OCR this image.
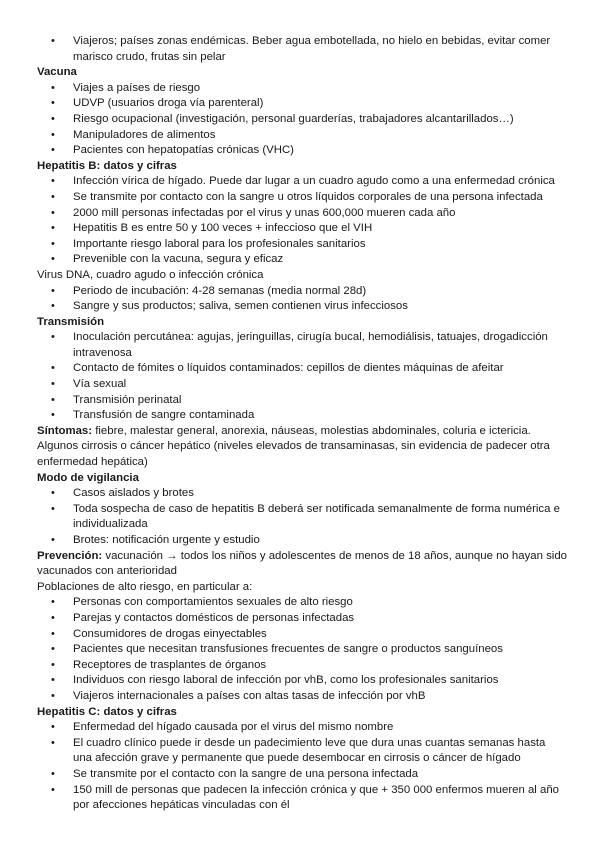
• Viajeros; países zonas endémicas. Beber agua embotellada, no hielo en bebidas, evitar comer marisco crudo, frutas sin pelar
Vacuna
• Viajes a países de riesgo
• UDVP (usuarios droga vía parenteral)
• Riesgo ocupacional (investigación, personal guarderías, trabajadores alcantarillados…)
• Manipuladores de alimentos
• Pacientes con hepatopatías crónicas (VHC)
Hepatitis B: datos y cifras
• Infección vírica de hígado. Puede dar lugar a un cuadro agudo como a una enfermedad crónica
• Se transmite por contacto con la sangre u otros líquidos corporales de una persona infectada
• 2000 mill personas infectadas por el virus y unas 600,000 mueren cada año
• Hepatitis B es entre 50 y 100 veces + infeccioso que el VIH
• Importante riesgo laboral para los profesionales sanitarios
• Prevenible con la vacuna, segura y eficaz
Virus DNA, cuadro agudo o infección crónica
• Periodo de incubación: 4-28 semanas (media normal 28d)
• Sangre y sus productos; saliva, semen contienen virus infecciosos
Transmisión
• Inoculación percutánea: agujas, jeringuillas, cirugía bucal, hemodiálisis, tatuajes, drogadicción intravenosa
• Contacto de fómites o líquidos contaminados: cepillos de dientes máquinas de afeitar
• Vía sexual
• Transmisión perinatal
• Transfusión de sangre contaminada
Síntomas: fiebre, malestar general, anorexia, náuseas, molestias abdominales, coluria e ictericia. Algunos cirrosis o cáncer hepático (niveles elevados de transaminasas, sin evidencia de padecer otra enfermedad hepática)
Modo de vigilancia
• Casos aislados y brotes
• Toda sospecha de caso de hepatitis B deberá ser notificada semanalmente de forma numérica e individualizada
• Brotes: notificación urgente y estudio
Prevención: vacunación → todos los niños y adolescentes de menos de 18 años, aunque no hayan sido vacunados con anterioridad
Poblaciones de alto riesgo, en particular a:
• Personas con comportamientos sexuales de alto riesgo
• Parejas y contactos domésticos de personas infectadas
• Consumidores de drogas einyectables
• Pacientes que necesitan transfusiones frecuentes de sangre o productos sanguíneos
• Receptores de trasplantes de órganos
• Individuos con riesgo laboral de infección por vhB, como los profesionales sanitarios
• Viajeros internacionales a países con altas tasas de infección por vhB
Hepatitis C: datos y cifras
• Enfermedad del hígado causada por el virus del mismo nombre
• El cuadro clínico puede ir desde un padecimiento leve que dura unas cuantas semanas hasta una afección grave y permanente que puede desembocar en cirrosis o cáncer de hígado
• Se transmite por el contacto con la sangre de una persona infectada
• 150 mill de personas que padecen la infección crónica y que + 350 000 enfermos mueren al año por afecciones hepáticas vinculadas con él
